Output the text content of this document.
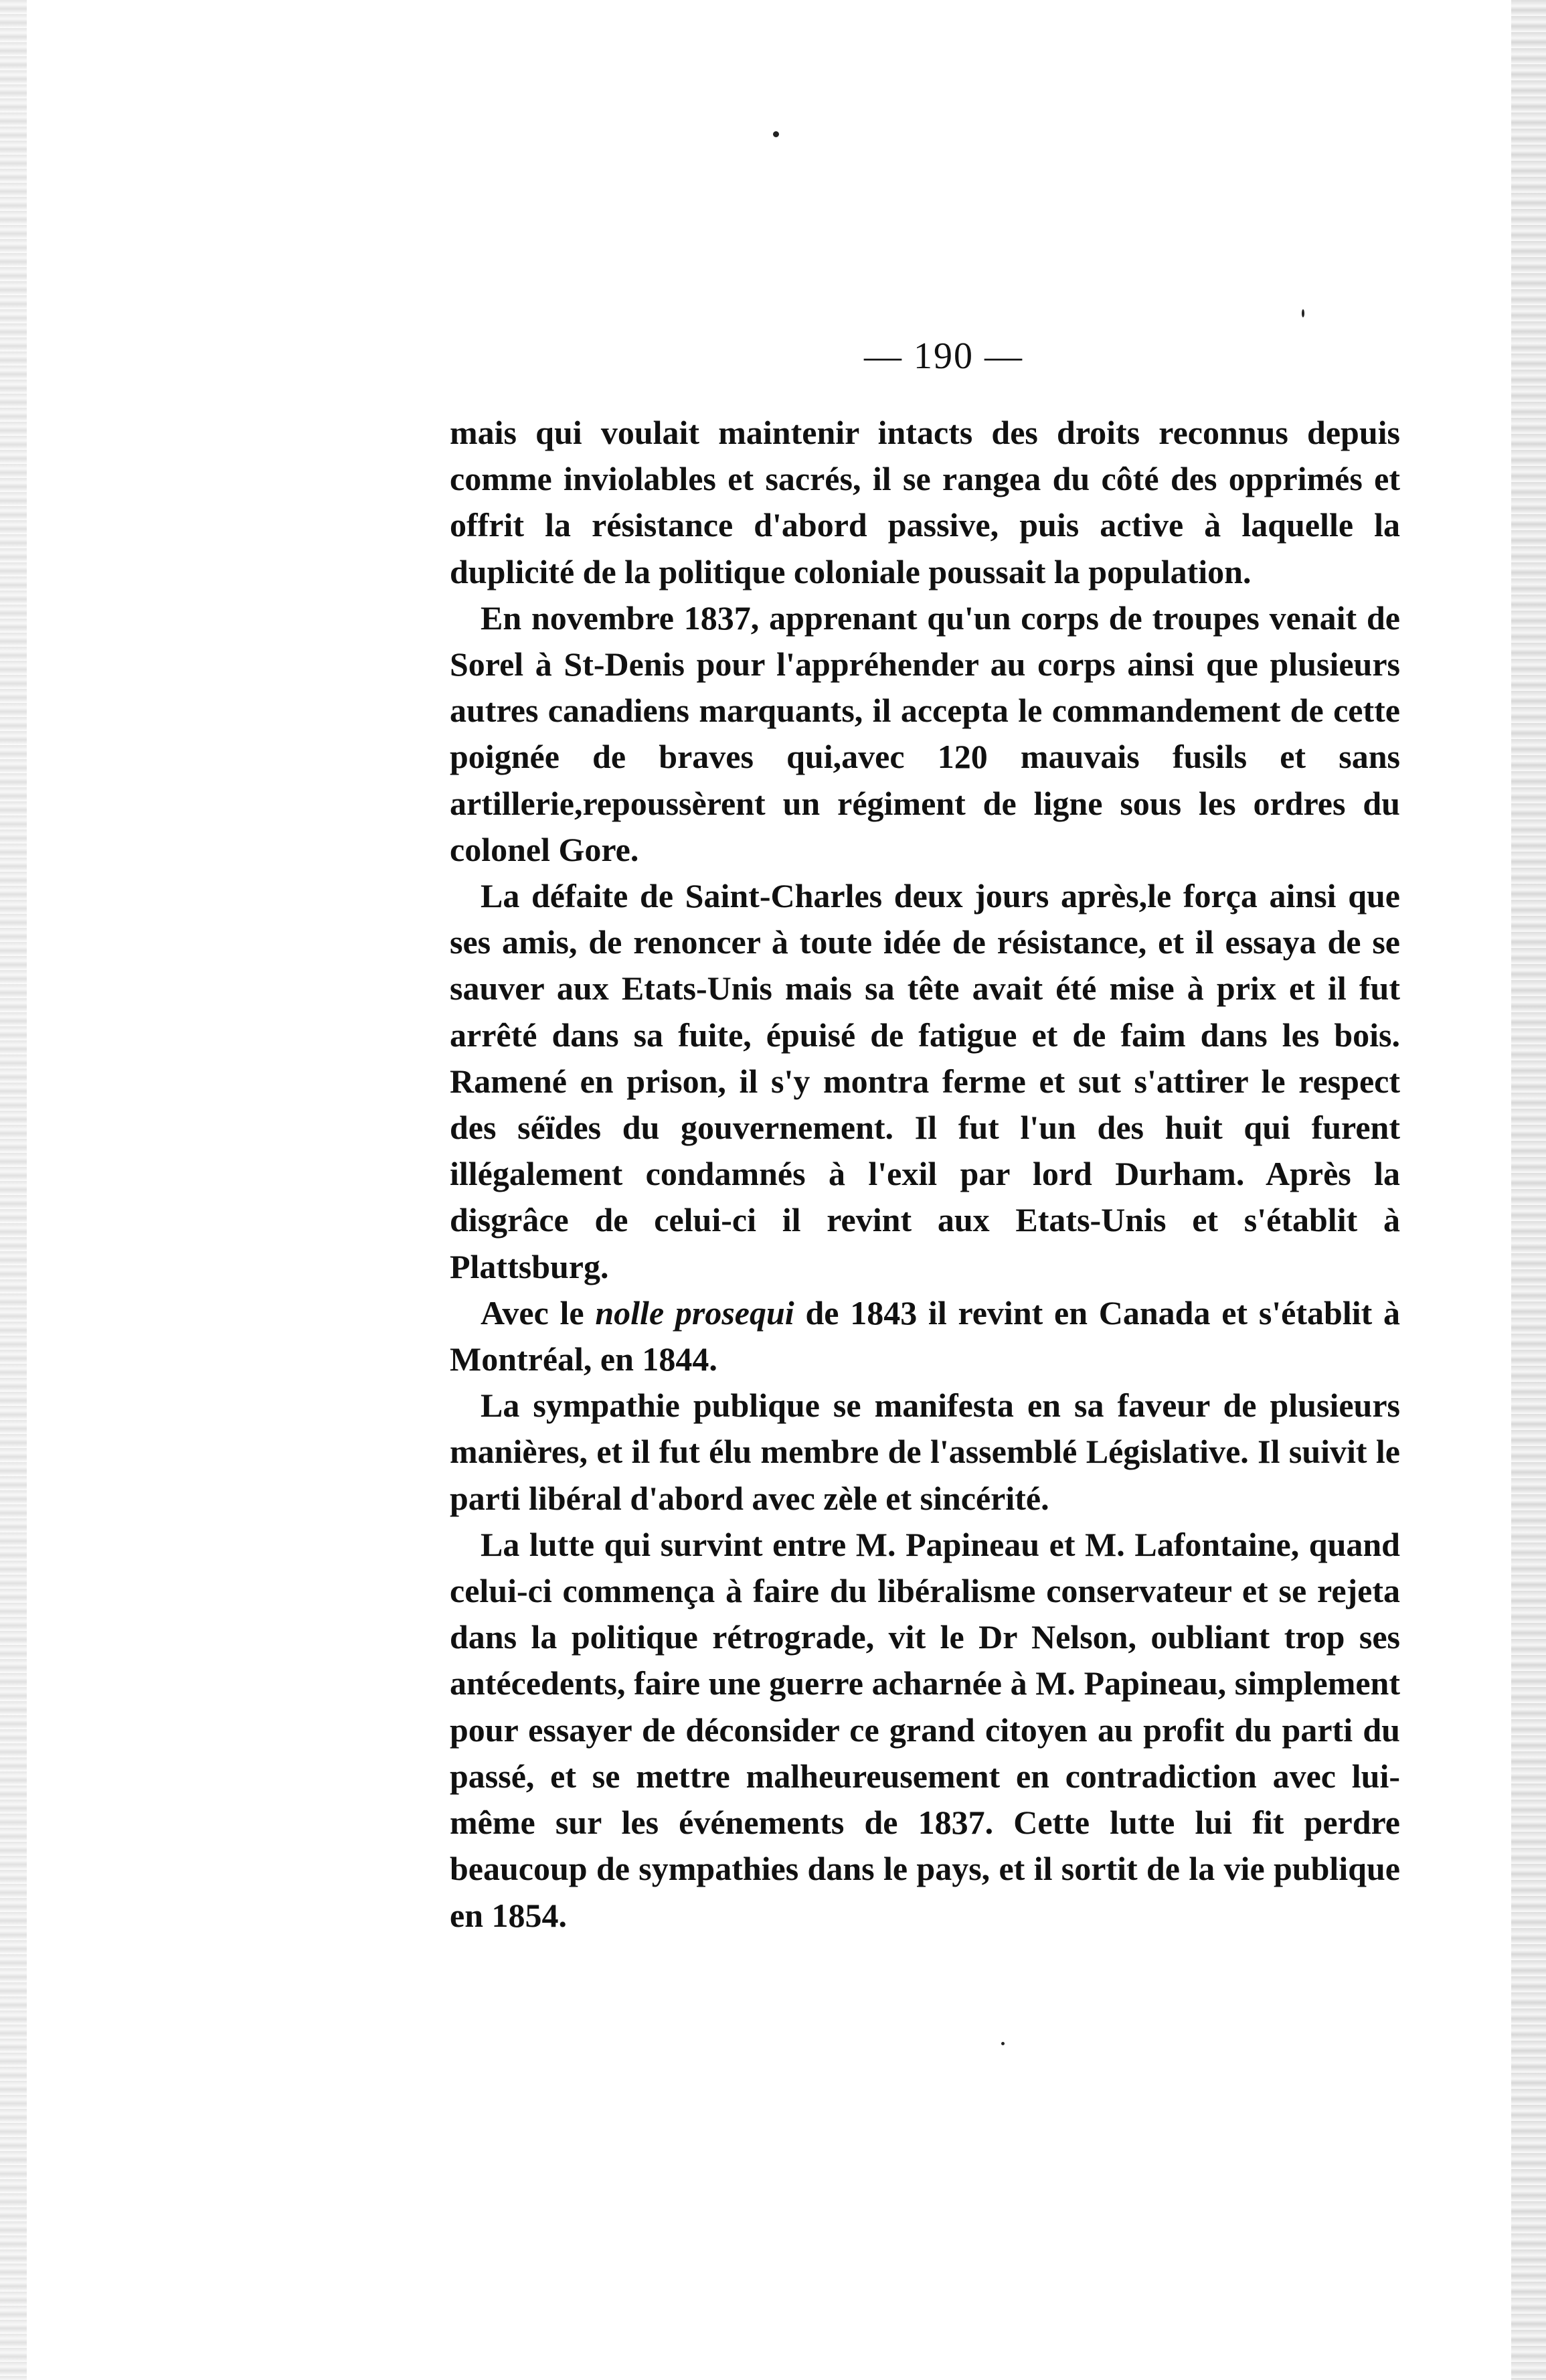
— 190 —

mais qui voulait maintenir intacts des droits reconnus depuis comme inviolables et sacrés, il se rangea du côté des opprimés et offrit la résistance d'abord passive, puis active à laquelle la duplicité de la politique coloniale poussait la population.

En novembre 1837, apprenant qu'un corps de troupes venait de Sorel à St-Denis pour l'appréhender au corps ainsi que plusieurs autres canadiens marquants, il accepta le commandement de cette poignée de braves qui,avec 120 mauvais fusils et sans artillerie,repoussèrent un régiment de ligne sous les ordres du colonel Gore.

La défaite de Saint-Charles deux jours après,le força ainsi que ses amis, de renoncer à toute idée de résistance, et il essaya de se sauver aux Etats-Unis mais sa tête avait été mise à prix et il fut arrêté dans sa fuite, épuisé de fatigue et de faim dans les bois. Ramené en prison, il s'y montra ferme et sut s'attirer le respect des séïdes du gouvernement. Il fut l'un des huit qui furent illégalement condamnés à l'exil par lord Durham. Après la disgrâce de celui-ci il revint aux Etats-Unis et s'établit à Plattsburg.

Avec le nolle prosequi de 1843 il revint en Canada et s'établit à Montréal, en 1844.

La sympathie publique se manifesta en sa faveur de plusieurs manières, et il fut élu membre de l'assemblé Législative. Il suivit le parti libéral d'abord avec zèle et sincérité.

La lutte qui survint entre M. Papineau et M. Lafontaine, quand celui-ci commença à faire du libéralisme conservateur et se rejeta dans la politique rétrograde, vit le Dr Nelson, oubliant trop ses antécedents, faire une guerre acharnée à M. Papineau, simplement pour essayer de déconsider ce grand citoyen au profit du parti du passé, et se mettre malheureusement en contradiction avec lui-même sur les événements de 1837. Cette lutte lui fit perdre beaucoup de sympathies dans le pays, et il sortit de la vie publique en 1854.
